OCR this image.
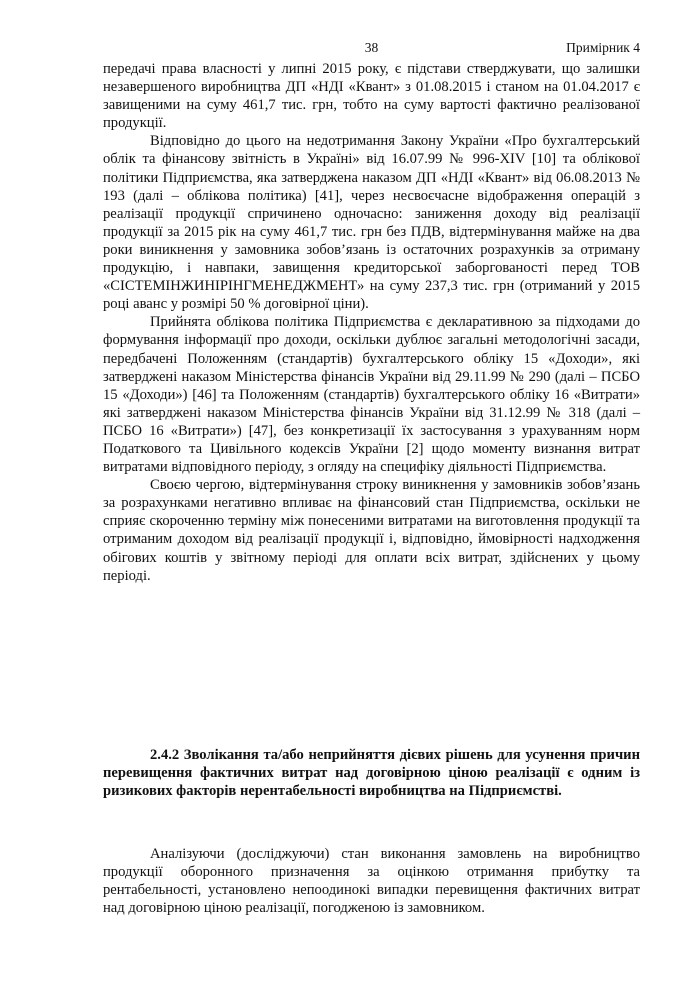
38	Примірник 4

передачі права власності у липні 2015 року, є підстави стверджувати, що залишки незавершеного виробництва ДП «НДІ «Квант» з 01.08.2015 і станом на 01.04.2017 є завищеними на суму 461,7 тис. грн, тобто на суму вартості фактично реалізованої продукції.

Відповідно до цього на недотримання Закону України «Про бухгалтерський облік та фінансову звітність в Україні» від 16.07.99 № 996-XIV [10] та облікової політики Підприємства, яка затверджена наказом ДП «НДІ «Квант» від 06.08.2013 № 193 (далі – облікова політика) [41], через несвоєчасне відображення операцій з реалізації продукції спричинено одночасно: заниження доходу від реалізації продукції за 2015 рік на суму 461,7 тис. грн без ПДВ, відтермінування майже на два роки виникнення у замовника зобов’язань із остаточних розрахунків за отриману продукцію, і навпаки, завищення кредиторської заборгованості перед ТОВ «СІСТЕМІНЖИНІРІНГМЕНЕДЖМЕНТ» на суму 237,3 тис. грн (отриманий у 2015 році аванс у розмірі 50 % договірної ціни).

Прийнята облікова політика Підприємства є декларативною за підходами до формування інформації про доходи, оскільки дублює загальні методологічні засади, передбачені Положенням (стандартів) бухгалтерського обліку 15 «Доходи», які затверджені наказом Міністерства фінансів України від 29.11.99 № 290 (далі – ПСБО 15 «Доходи») [46] та Положенням (стандартів) бухгалтерського обліку 16 «Витрати» які затверджені наказом Міністерства фінансів України від 31.12.99 № 318 (далі – ПСБО 16 «Витрати») [47], без конкретизації їх застосування з урахуванням норм Податкового та Цивільного кодексів України [2] щодо моменту визнання витрат витратами відповідного періоду, з огляду на специфіку діяльності Підприємства.

Своєю чергою, відтермінування строку виникнення у замовників зобов’язань за розрахунками негативно впливає на фінансовий стан Підприємства, оскільки не сприяє скороченню терміну між понесеними витратами на виготовлення продукції та отриманим доходом від реалізації продукції і, відповідно, ймовірності надходження обігових коштів у звітному періоді для оплати всіх витрат, здійснених у цьому періоді.

2.4.2 Зволікання та/або неприйняття дієвих рішень для усунення причин перевищення фактичних витрат над договірною ціною реалізації є одним із ризикових факторів нерентабельності виробництва на Підприємстві.

Аналізуючи (досліджуючи) стан виконання замовлень на виробництво продукції оборонного призначення за оцінкою отримання прибутку та рентабельності, установлено непоодинокі випадки перевищення фактичних витрат над договірною ціною реалізації, погодженою із замовником.
